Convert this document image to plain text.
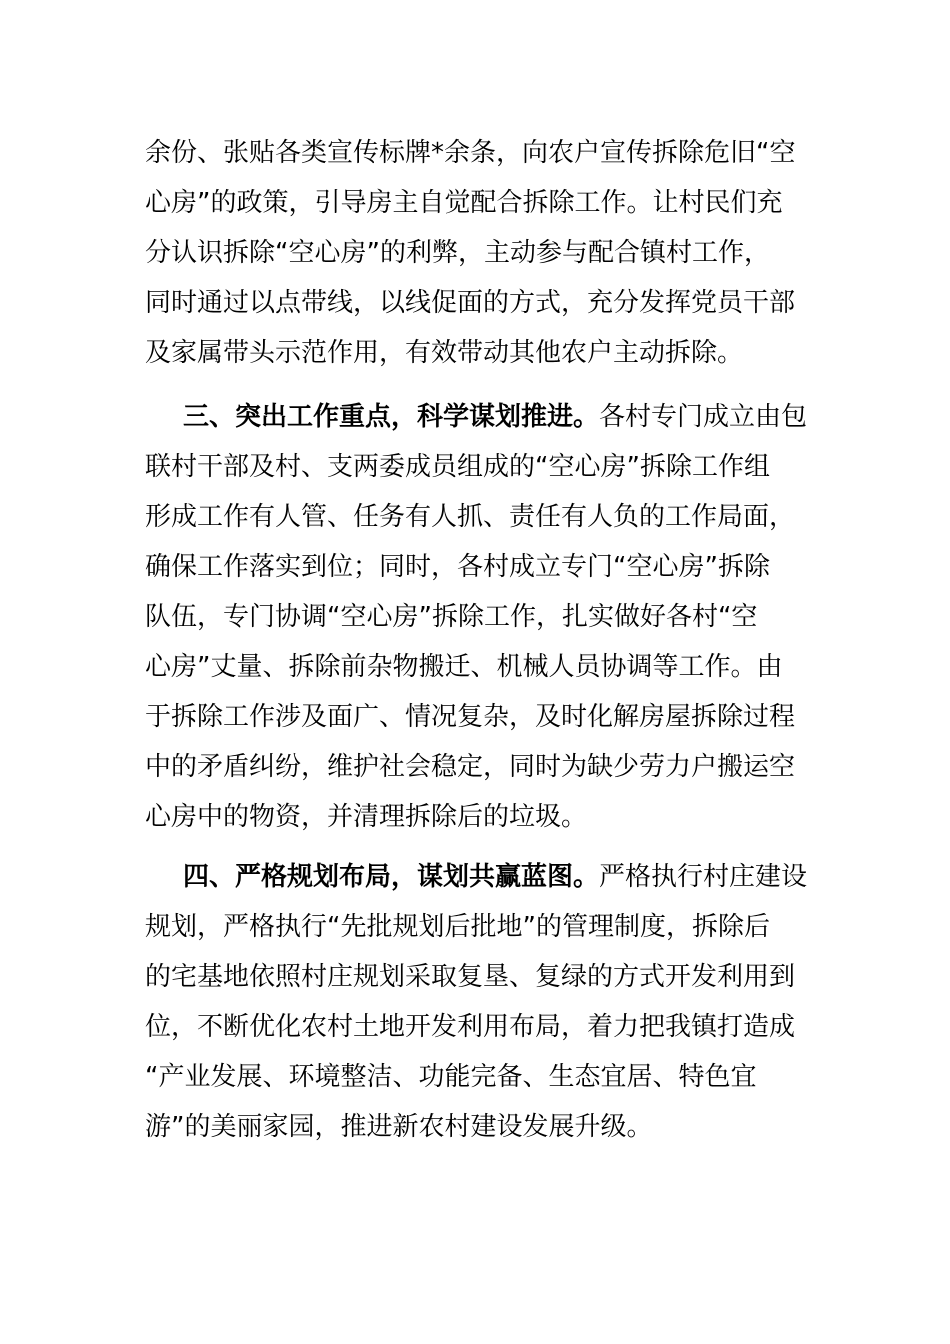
余份、张贴各类宣传标牌*余条，向农户宣传拆除危旧“空
心房”的政策，引导房主自觉配合拆除工作。让村民们充
分认识拆除“空心房”的利弊，主动参与配合镇村工作，
同时通过以点带线，以线促面的方式，充分发挥党员干部
及家属带头示范作用，有效带动其他农户主动拆除。
三、突出工作重点，科学谋划推进。各村专门成立由包
联村干部及村、支两委成员组成的“空心房”拆除工作组
形成工作有人管、任务有人抓、责任有人负的工作局面，
确保工作落实到位；同时，各村成立专门“空心房”拆除
队伍，专门协调“空心房”拆除工作，扎实做好各村“空
心房”丈量、拆除前杂物搬迁、机械人员协调等工作。由
于拆除工作涉及面广、情况复杂，及时化解房屋拆除过程
中的矛盾纠纷，维护社会稳定，同时为缺少劳力户搬运空
心房中的物资，并清理拆除后的垃圾。
四、严格规划布局，谋划共赢蓝图。严格执行村庄建设
规划，严格执行“先批规划后批地”的管理制度，拆除后
的宅基地依照村庄规划采取复垦、复绿的方式开发利用到
位，不断优化农村土地开发利用布局，着力把我镇打造成
“产业发展、环境整洁、功能完备、生态宜居、特色宜
游”的美丽家园，推进新农村建设发展升级。
